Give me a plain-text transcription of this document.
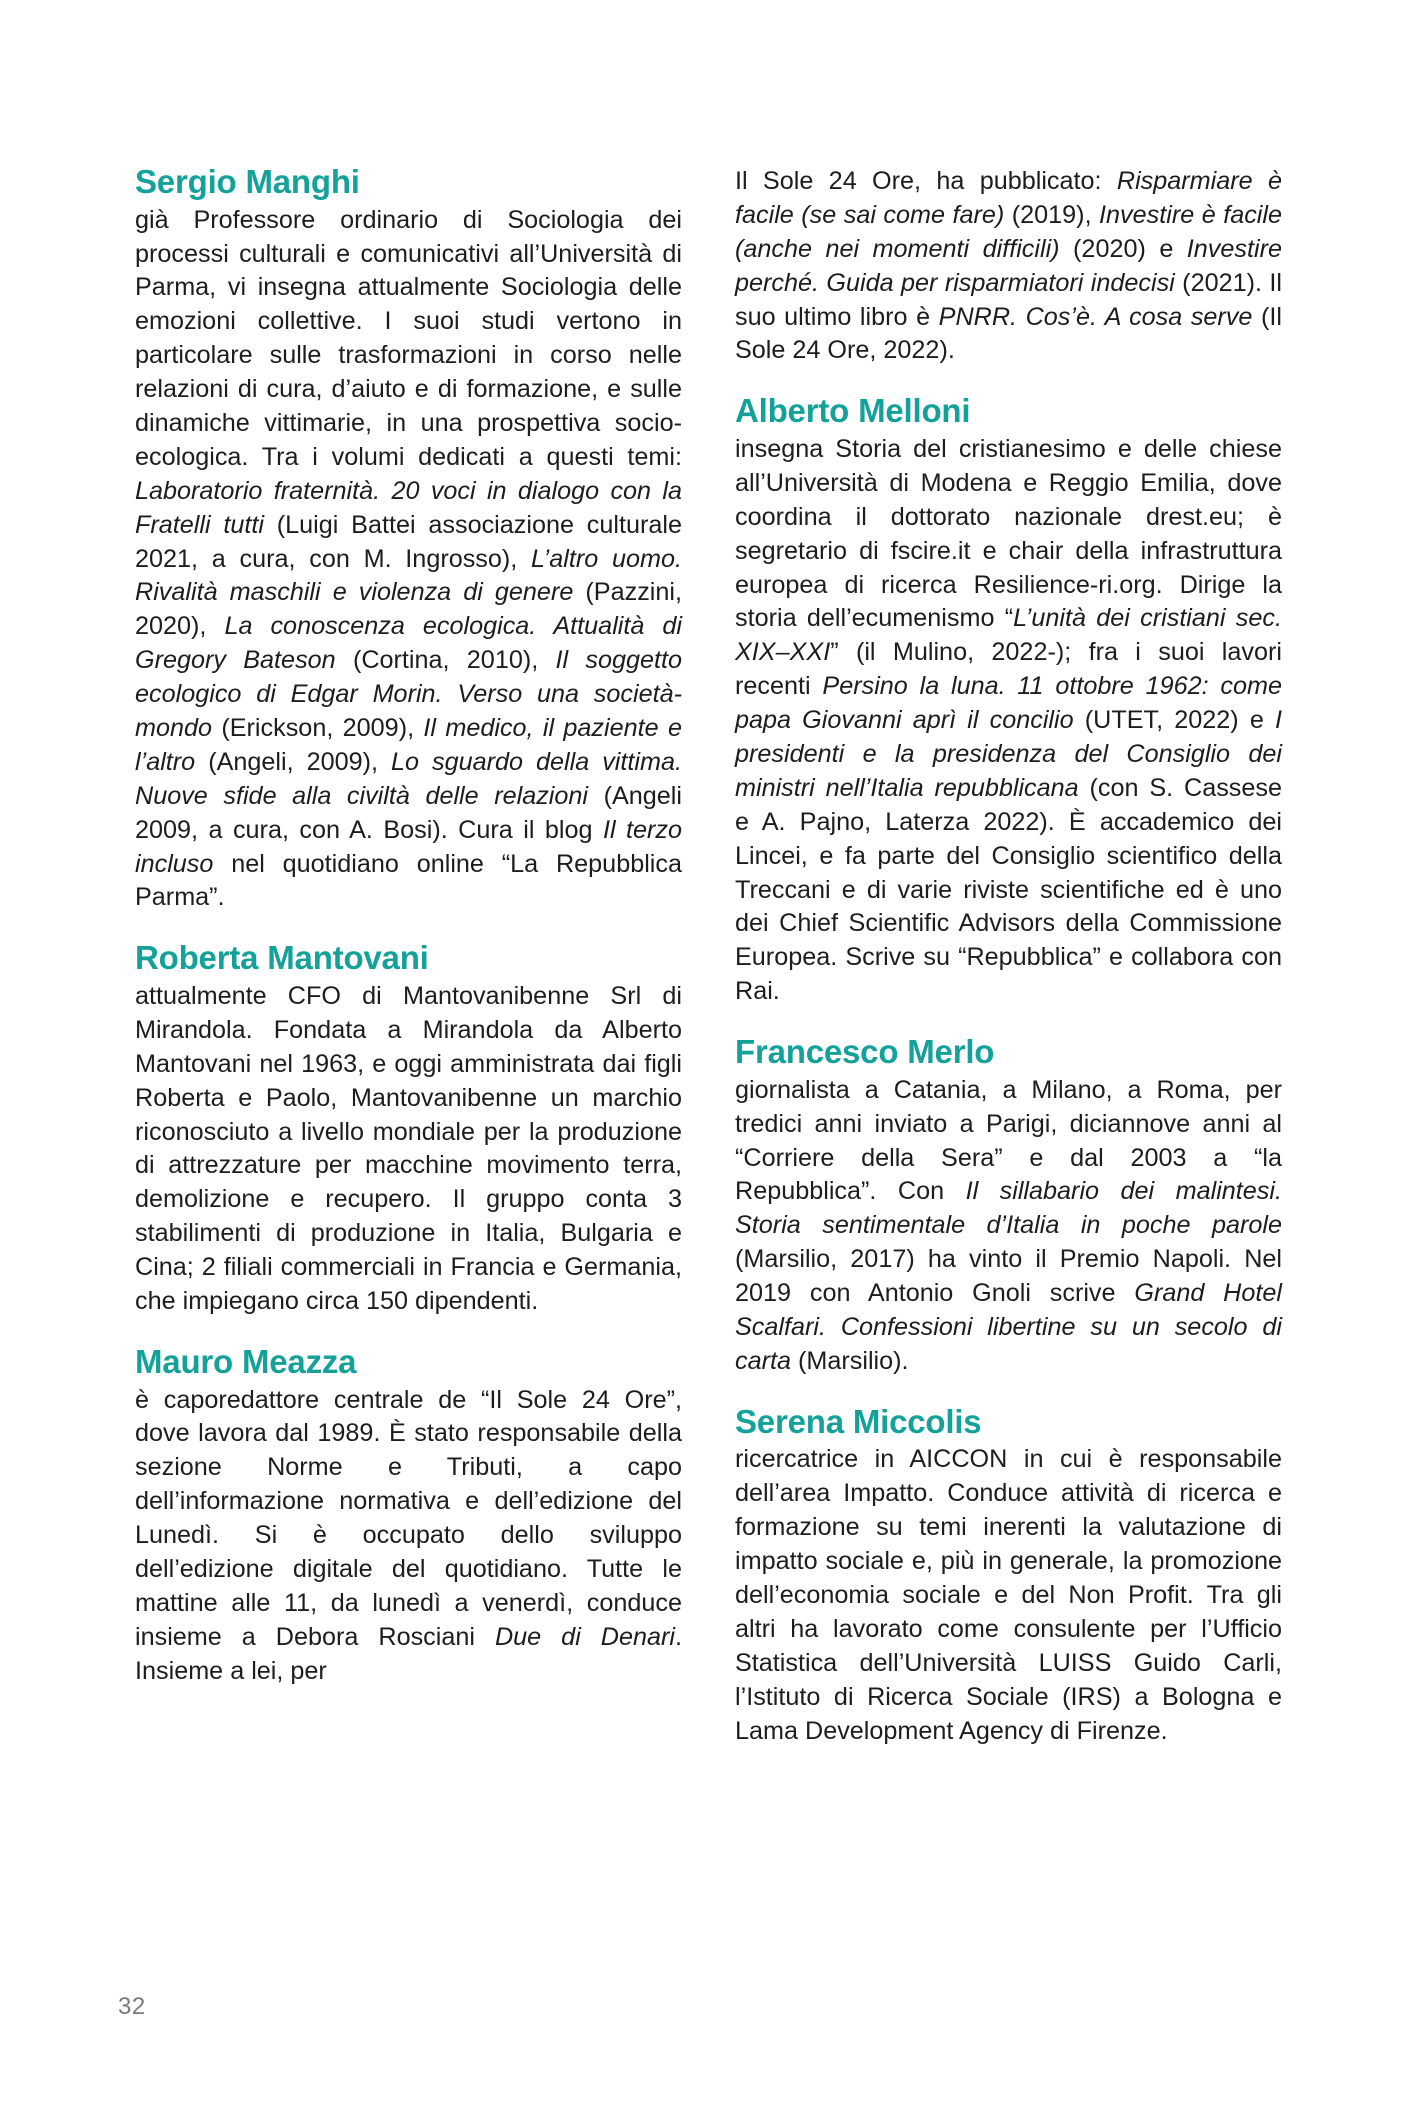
Sergio Manghi

già Professore ordinario di Sociologia dei processi culturali e comunicativi all’Università di Parma, vi insegna attualmente Sociologia delle emozioni collettive. I suoi studi vertono in particolare sulle trasformazioni in corso nelle relazioni di cura, d’aiuto e di formazione, e sulle dinamiche vittimarie, in una prospettiva socio-ecologica. Tra i volumi dedicati a questi temi: Laboratorio fraternità. 20 voci in dialogo con la Fratelli tutti (Luigi Battei associazione culturale 2021, a cura, con M. Ingrosso), L’altro uomo. Rivalità maschili e violenza di genere (Pazzini, 2020), La conoscenza ecologica. Attualità di Gregory Bateson (Cortina, 2010), Il soggetto ecologico di Edgar Morin. Verso una società-mondo (Erickson, 2009), Il medico, il paziente e l’altro (Angeli, 2009), Lo sguardo della vittima. Nuove sfide alla civiltà delle relazioni (Angeli 2009, a cura, con A. Bosi). Cura il blog Il terzo incluso nel quotidiano online “La Repubblica Parma”.

Roberta Mantovani

attualmente CFO di Mantovanibenne Srl di Mirandola. Fondata a Mirandola da Alberto Mantovani nel 1963, e oggi amministrata dai figli Roberta e Paolo, Mantovanibenne un marchio riconosciuto a livello mondiale per la produzione di attrezzature per macchine movimento terra, demolizione e recupero. Il gruppo conta 3 stabilimenti di produzione in Italia, Bulgaria e Cina; 2 filiali commerciali in Francia e Germania, che impiegano circa 150 dipendenti.

Mauro Meazza

è caporedattore centrale de “Il Sole 24 Ore”, dove lavora dal 1989. È stato responsabile della sezione Norme e Tributi, a capo dell’informazione normativa e dell’edizione del Lunedì. Si è occupato dello sviluppo dell’edizione digitale del quotidiano. Tutte le mattine alle 11, da lunedì a venerdì, conduce insieme a Debora Rosciani Due di Denari. Insieme a lei, per

Il Sole 24 Ore, ha pubblicato: Risparmiare è facile (se sai come fare) (2019), Investire è facile (anche nei momenti difficili) (2020) e Investire perché. Guida per risparmiatori indecisi (2021). Il suo ultimo libro è PNRR. Cos’è. A cosa serve (Il Sole 24 Ore, 2022).

Alberto Melloni

insegna Storia del cristianesimo e delle chiese all’Università di Modena e Reggio Emilia, dove coordina il dottorato nazionale drest.eu; è segretario di fscire.it e chair della infrastruttura europea di ricerca Resilience-ri.org. Dirige la storia dell’ecumenismo “L’unità dei cristiani sec. XIX–XXI” (il Mulino, 2022-); fra i suoi lavori recenti Persino la luna. 11 ottobre 1962: come papa Giovanni aprì il concilio (UTET, 2022) e I presidenti e la presidenza del Consiglio dei ministri nell’Italia repubblicana (con S. Cassese e A. Pajno, Laterza 2022). È accademico dei Lincei, e fa parte del Consiglio scientifico della Treccani e di varie riviste scientifiche ed è uno dei Chief Scientific Advisors della Commissione Europea. Scrive su “Repubblica” e collabora con Rai.

Francesco Merlo

giornalista a Catania, a Milano, a Roma, per tredici anni inviato a Parigi, diciannove anni al “Corriere della Sera” e dal 2003 a “la Repubblica”. Con Il sillabario dei malintesi. Storia sentimentale d’Italia in poche parole (Marsilio, 2017) ha vinto il Premio Napoli. Nel 2019 con Antonio Gnoli scrive Grand Hotel Scalfari. Confessioni libertine su un secolo di carta (Marsilio).

Serena Miccolis

ricercatrice in AICCON in cui è responsabile dell’area Impatto. Conduce attività di ricerca e formazione su temi inerenti la valutazione di impatto sociale e, più in generale, la promozione dell’economia sociale e del Non Profit. Tra gli altri ha lavorato come consulente per l’Ufficio Statistica dell’Università LUISS Guido Carli, l’Istituto di Ricerca Sociale (IRS) a Bologna e Lama Development Agency di Firenze.

32
